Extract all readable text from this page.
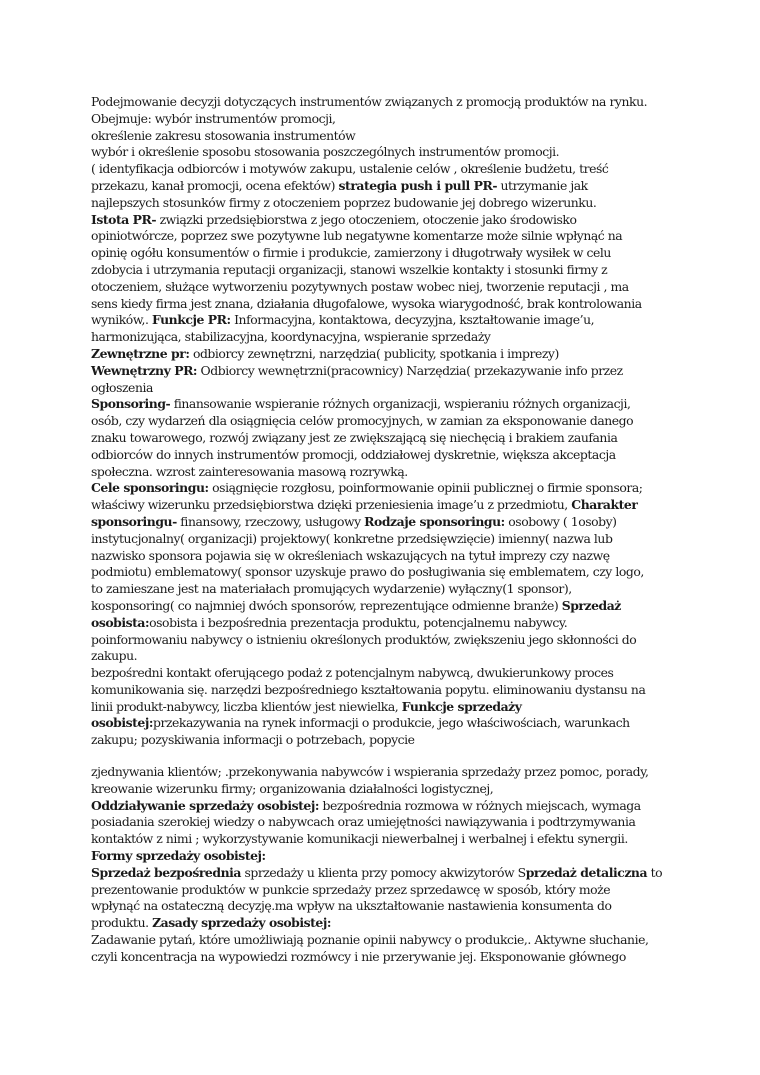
Podejmowanie decyzji dotyczących instrumentów związanych z promocją produktów na rynku.
Obejmuje: wybór instrumentów promocji,
określenie zakresu stosowania instrumentów
wybór i określenie sposobu stosowania poszczególnych instrumentów promocji.
( identyfikacja odbiorców i motywów zakupu, ustalenie celów , określenie budżetu, treść
przekazu, kanał promocji, ocena efektów) strategia push i pull PR- utrzymanie jak
najlepszych stosunków firmy z otoczeniem poprzez budowanie jej dobrego wizerunku.
Istota PR- związki przedsiębiorstwa z jego otoczeniem, otoczenie jako środowisko
opiniotwórcze, poprzez swe pozytywne lub negatywne komentarze może silnie wpłynąć na
opinię ogółu konsumentów o firmie i produkcie, zamierzony i długotrwały wysiłek w celu
zdobycia i utrzymania reputacji organizacji, stanowi wszelkie kontakty i stosunki firmy z
otoczeniem, służące wytworzeniu pozytywnych postaw wobec niej, tworzenie reputacji , ma
sens kiedy firma jest znana, działania długofalowe, wysoka wiarygodność, brak kontrolowania
wyników,. Funkcje PR: Informacyjna, kontaktowa, decyzyjna, kształtowanie image’u,
harmonizująca, stabilizacyjna, koordynacyjna, wspieranie sprzedaży
Zewnętrzne pr: odbiorcy zewnętrzni, narzędzia( publicity, spotkania i imprezy)
Wewnętrzny PR: Odbiorcy wewnętrzni(pracownicy) Narzędzia( przekazywanie info przez
ogłoszenia
Sponsoring- finansowanie wspieranie różnych organizacji, wspieraniu różnych organizacji,
osób, czy wydarzeń dla osiągnięcia celów promocyjnych, w zamian za eksponowanie danego
znaku towarowego, rozwój związany jest ze zwiększającą się niechęcią i brakiem zaufania
odbiorców do innych instrumentów promocji, oddziałowej dyskretnie, większa akceptacja
społeczna. wzrost zainteresowania masową rozrywką.
Cele sponsoringu: osiągnięcie rozgłosu, poinformowanie opinii publicznej o firmie sponsora;
właściwy wizerunku przedsiębiorstwa dzięki przeniesienia image’u z przedmiotu, Charakter
sponsoringu- finansowy, rzeczowy, usługowy Rodzaje sponsoringu: osobowy ( 1osoby)
instytucjonalny( organizacji) projektowy( konkretne przedsięwzięcie) imienny( nazwa lub
nazwisko sponsora pojawia się w określeniach wskazujących na tytuł imprezy czy nazwę
podmiotu) emblematowy( sponsor uzyskuje prawo do posługiwania się emblematem, czy logo,
to zamieszane jest na materiałach promujących wydarzenie) wyłączny(1 sponsor),
kosponsoring( co najmniej dwóch sponsorów, reprezentujące odmienne branże) Sprzedaż
osobista:osobista i bezpośrednia prezentacja produktu, potencjalnemu nabywcy.
poinformowaniu nabywcy o istnieniu określonych produktów, zwiększeniu jego skłonności do
zakupu.
bezpośredni kontakt oferującego podaż z potencjalnym nabywcą, dwukierunkowy proces
komunikowania się. narzędzi bezpośredniego kształtowania popytu. eliminowaniu dystansu na
linii produkt-nabywcy, liczba klientów jest niewielka, Funkcje sprzedaży
osobistej:przekazywania na rynek informacji o produkcie, jego właściwościach, warunkach
zakupu; pozyskiwania informacji o potrzebach, popycie
zjednywania klientów; .przekonywania nabywców i wspierania sprzedaży przez pomoc, porady,
kreowanie wizerunku firmy; organizowania działalności logistycznej,
Oddziaływanie sprzedaży osobistej: bezpośrednia rozmowa w różnych miejscach, wymaga
posiadania szerokiej wiedzy o nabywcach oraz umiejętności nawiązywania i podtrzymywania
kontaktów z nimi ; wykorzystywanie komunikacji niewerbalnej i werbalnej i efektu synergii.
Formy sprzedaży osobistej:
Sprzedaż bezpośrednia sprzedaży u klienta przy pomocy akwizytorów Sprzedaż detaliczna to
prezentowanie produktów w punkcie sprzedaży przez sprzedawcę w sposób, który może
wpłynąć na ostateczną decyzję.ma wpływ na ukształtowanie nastawienia konsumenta do
produktu. Zasady sprzedaży osobistej:
Zadawanie pytań, które umożliwiają poznanie opinii nabywcy o produkcie,. Aktywne słuchanie,
czyli koncentracja na wypowiedzi rozmówcy i nie przerywanie jej. Eksponowanie głównego
